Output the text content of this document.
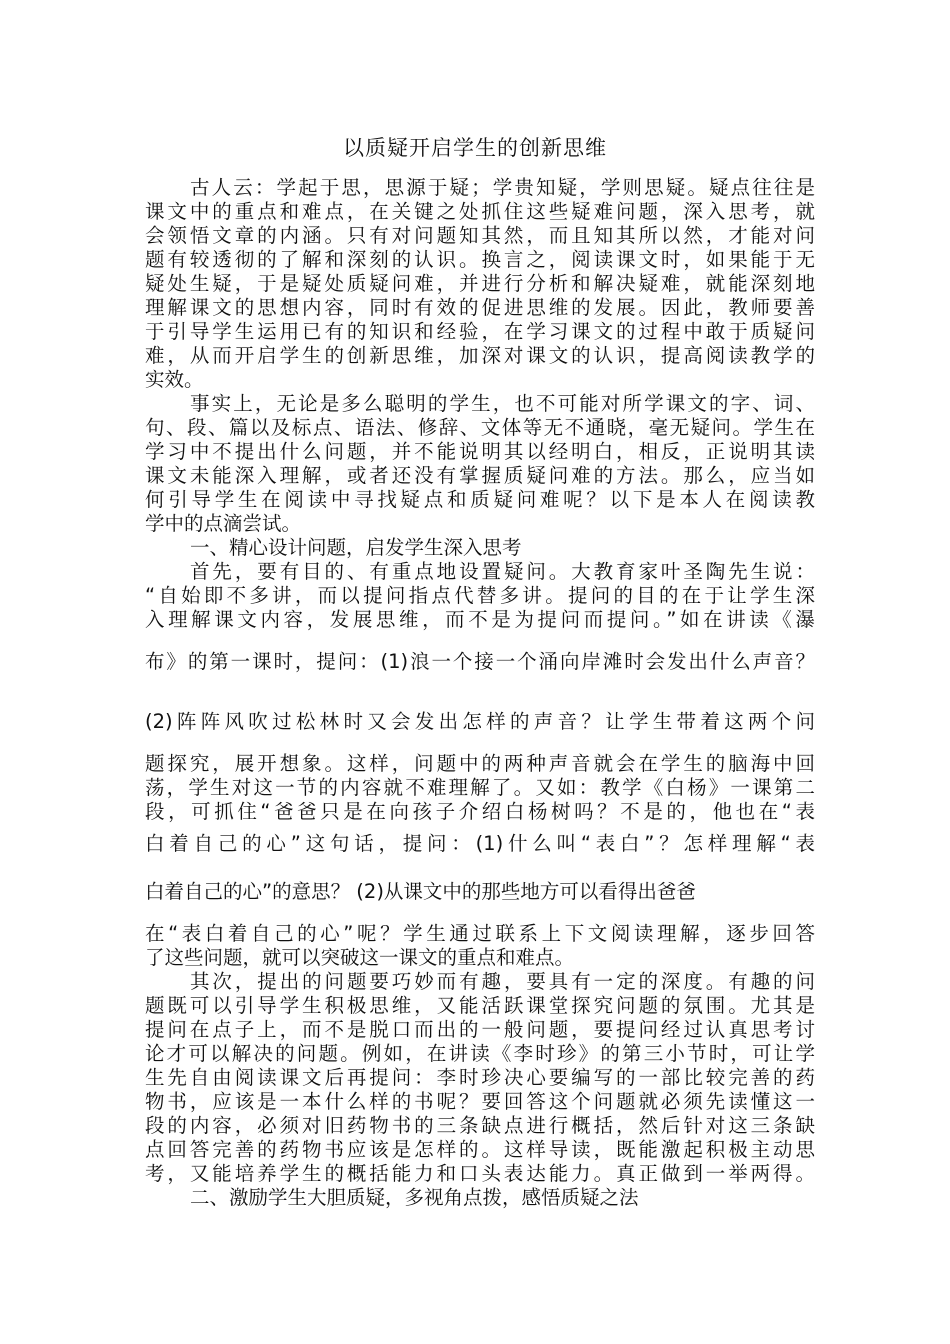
以质疑开启学生的创新思维
古人云：学起于思，思源于疑；学贵知疑，学则思疑。疑点往往是
课文中的重点和难点，在关键之处抓住这些疑难问题，深入思考，就
会领悟文章的内涵。只有对问题知其然，而且知其所以然，才能对问
题有较透彻的了解和深刻的认识。换言之，阅读课文时，如果能于无
疑处生疑，于是疑处质疑问难，并进行分析和解决疑难，就能深刻地
理解课文的思想内容，同时有效的促进思维的发展。因此，教师要善
于引导学生运用已有的知识和经验，在学习课文的过程中敢于质疑问
难，从而开启学生的创新思维，加深对课文的认识，提高阅读教学的
实效。
事实上，无论是多么聪明的学生，也不可能对所学课文的字、词、
句、段、篇以及标点、语法、修辞、文体等无不通晓，毫无疑问。学生在
学习中不提出什么问题，并不能说明其以经明白，相反，正说明其读
课文未能深入理解，或者还没有掌握质疑问难的方法。那么，应当如
何引导学生在阅读中寻找疑点和质疑问难呢？以下是本人在阅读教
学中的点滴尝试。
一、精心设计问题，启发学生深入思考
首先，要有目的、有重点地设置疑问。大教育家叶圣陶先生说：
“自始即不多讲，而以提问指点代替多讲。提问的目的在于让学生深
入理解课文内容，发展思维，而不是为提问而提问。”如在讲读《瀑
布》的第一课时，提问：(1)浪一个接一个涌向岸滩时会发出什么声音？
(2)阵阵风吹过松林时又会发出怎样的声音？让学生带着这两个问
题探究，展开想象。这样，问题中的两种声音就会在学生的脑海中回
荡，学生对这一节的内容就不难理解了。又如：教学《白杨》一课第二
段，可抓住“爸爸只是在向孩子介绍白杨树吗？不是的，他也在“表
白着自己的心”这句话，提问：(1)什么叫“表白”？怎样理解“表
白着自己的心”的意思？ (2)从课文中的那些地方可以看得出爸爸
在“表白着自己的心”呢？学生通过联系上下文阅读理解，逐步回答
了这些问题，就可以突破这一课文的重点和难点。
其次，提出的问题要巧妙而有趣，要具有一定的深度。有趣的问
题既可以引导学生积极思维，又能活跃课堂探究问题的氛围。尤其是
提问在点子上，而不是脱口而出的一般问题，要提问经过认真思考讨
论才可以解决的问题。例如，在讲读《李时珍》的第三小节时，可让学
生先自由阅读课文后再提问：李时珍决心要编写的一部比较完善的药
物书，应该是一本什么样的书呢？要回答这个问题就必须先读懂这一
段的内容，必须对旧药物书的三条缺点进行概括，然后针对这三条缺
点回答完善的药物书应该是怎样的。这样导读，既能激起积极主动思
考，又能培养学生的概括能力和口头表达能力。真正做到一举两得。
二、激励学生大胆质疑，多视角点拨，感悟质疑之法
